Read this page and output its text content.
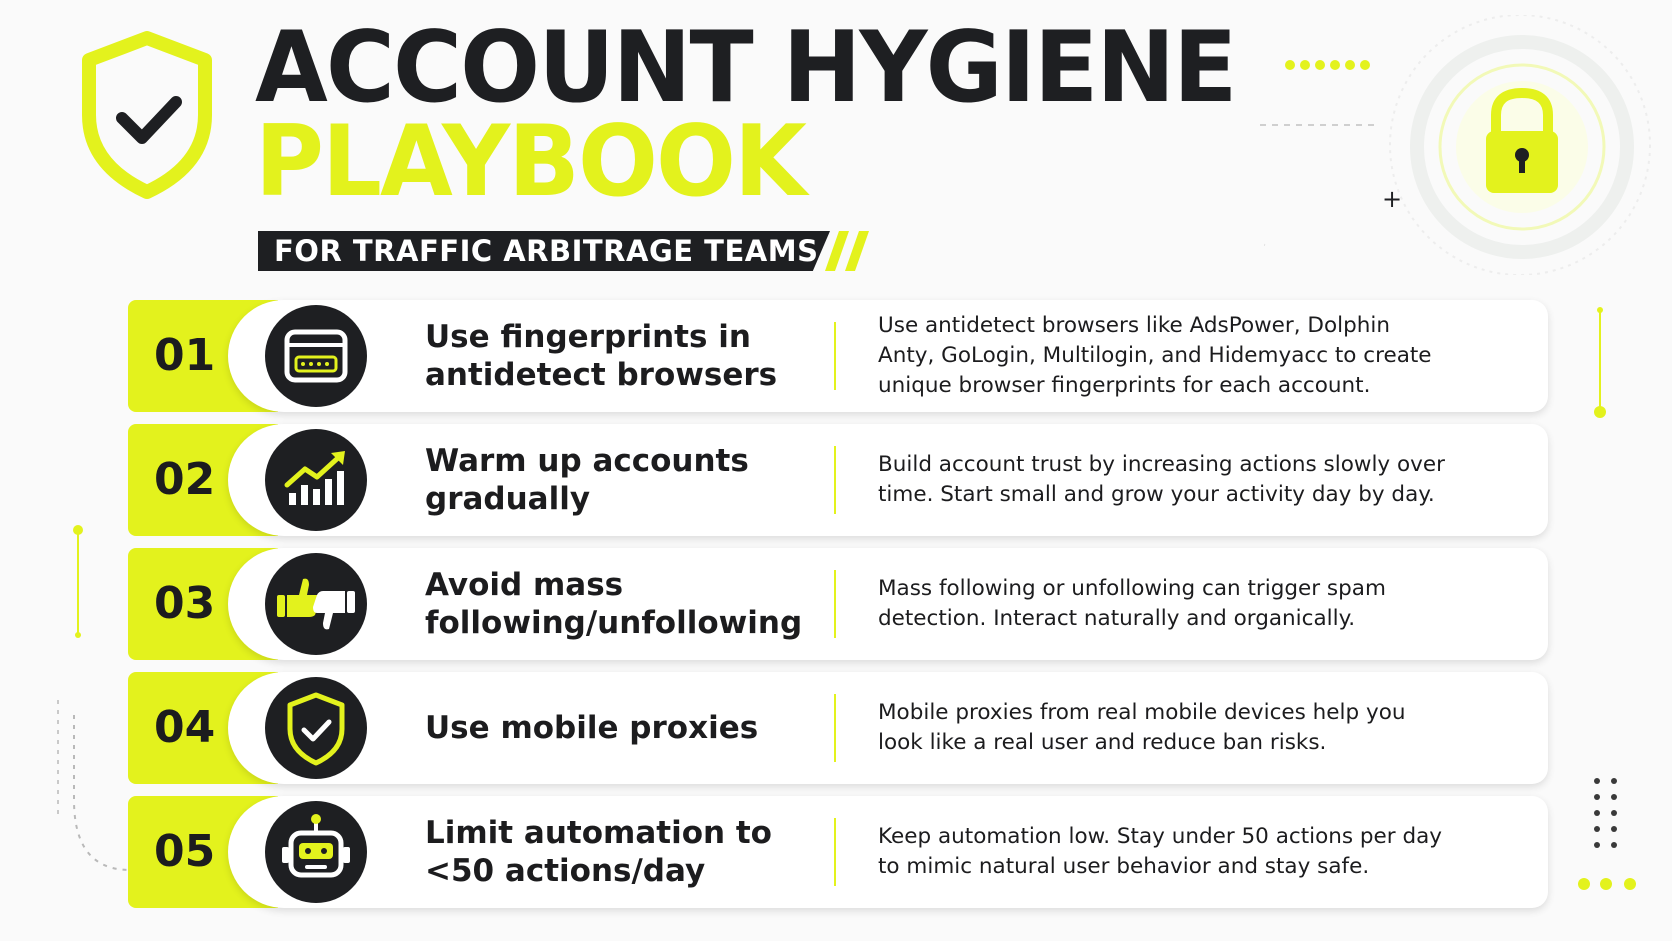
ACCOUNT HYGIENE
PLAYBOOK
FOR TRAFFIC ARBITRAGE TEAMS
+
01	Use fingerprints in antidetect browsers
Use antidetect browsers like AdsPower, Dolphin Anty, GoLogin, Multilogin, and Hidemyacc to create unique browser fingerprints for each account.
02	Warm up accounts gradually
Build account trust by increasing actions slowly over time. Start small and grow your activity day by day.
03	Avoid mass following/unfollowing
Mass following or unfollowing can trigger spam detection. Interact naturally and organically.
04	Use mobile proxies	Mobile proxies from real mobile devices help you look like a real user and reduce ban risks.
05	Limit automation to <50 actions/day
Keep automation low. Stay under 50 actions per day to mimic natural user behavior and stay safe.
